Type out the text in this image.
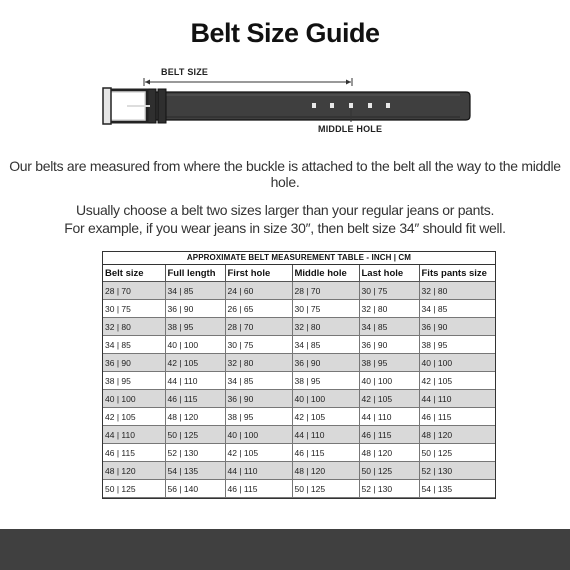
Belt Size Guide
BELT SIZE
MIDDLE HOLE
Our belts are measured from where the buckle is attached to the belt all the way to the middle hole.
Usually choose a belt two sizes larger than your regular jeans or pants.
For example, if you wear jeans in size 30″, then belt size 34″ should fit well.
APPROXIMATE BELT MEASUREMENT TABLE - INCH | CM
Belt size	Full length	First hole	Middle hole	Last hole	Fits pants size
28 | 70	34 | 85	24 | 60	28 | 70	30 | 75	32 | 80
30 | 75	36 | 90	26 | 65	30 | 75	32 | 80	34 | 85
32 | 80	38 | 95	28 | 70	32 | 80	34 | 85	36 | 90
34 | 85	40 | 100	30 | 75	34 | 85	36 | 90	38 | 95
36 | 90	42 | 105	32 | 80	36 | 90	38 | 95	40 | 100
38 | 95	44 | 110	34 | 85	38 | 95	40 | 100	42 | 105
40 | 100	46 | 115	36 | 90	40 | 100	42 | 105	44 | 110
42 | 105	48 | 120	38 | 95	42 | 105	44 | 110	46 | 115
44 | 110	50 | 125	40 | 100	44 | 110	46 | 115	48 | 120
46 | 115	52 | 130	42 | 105	46 | 115	48 | 120	50 | 125
48 | 120	54 | 135	44 | 110	48 | 120	50 | 125	52 | 130
50 | 125	56 | 140	46 | 115	50 | 125	52 | 130	54 | 135
